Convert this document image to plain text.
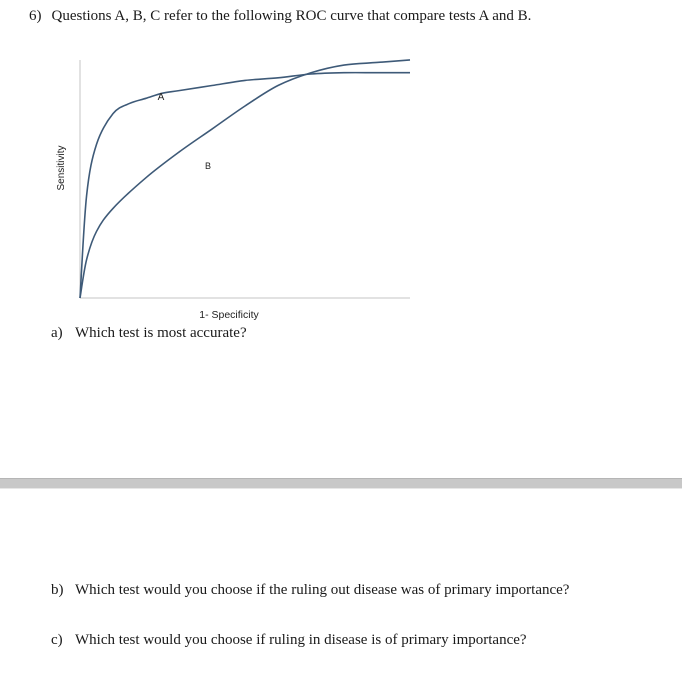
6) Questions A, B, C refer to the following ROC curve that compare tests A and B.
A
B
1- Specificity
Sensitivity
a) Which test is most accurate?
b) Which test would you choose if the ruling out disease was of primary importance?
c) Which test would you choose if ruling in disease is of primary importance?
